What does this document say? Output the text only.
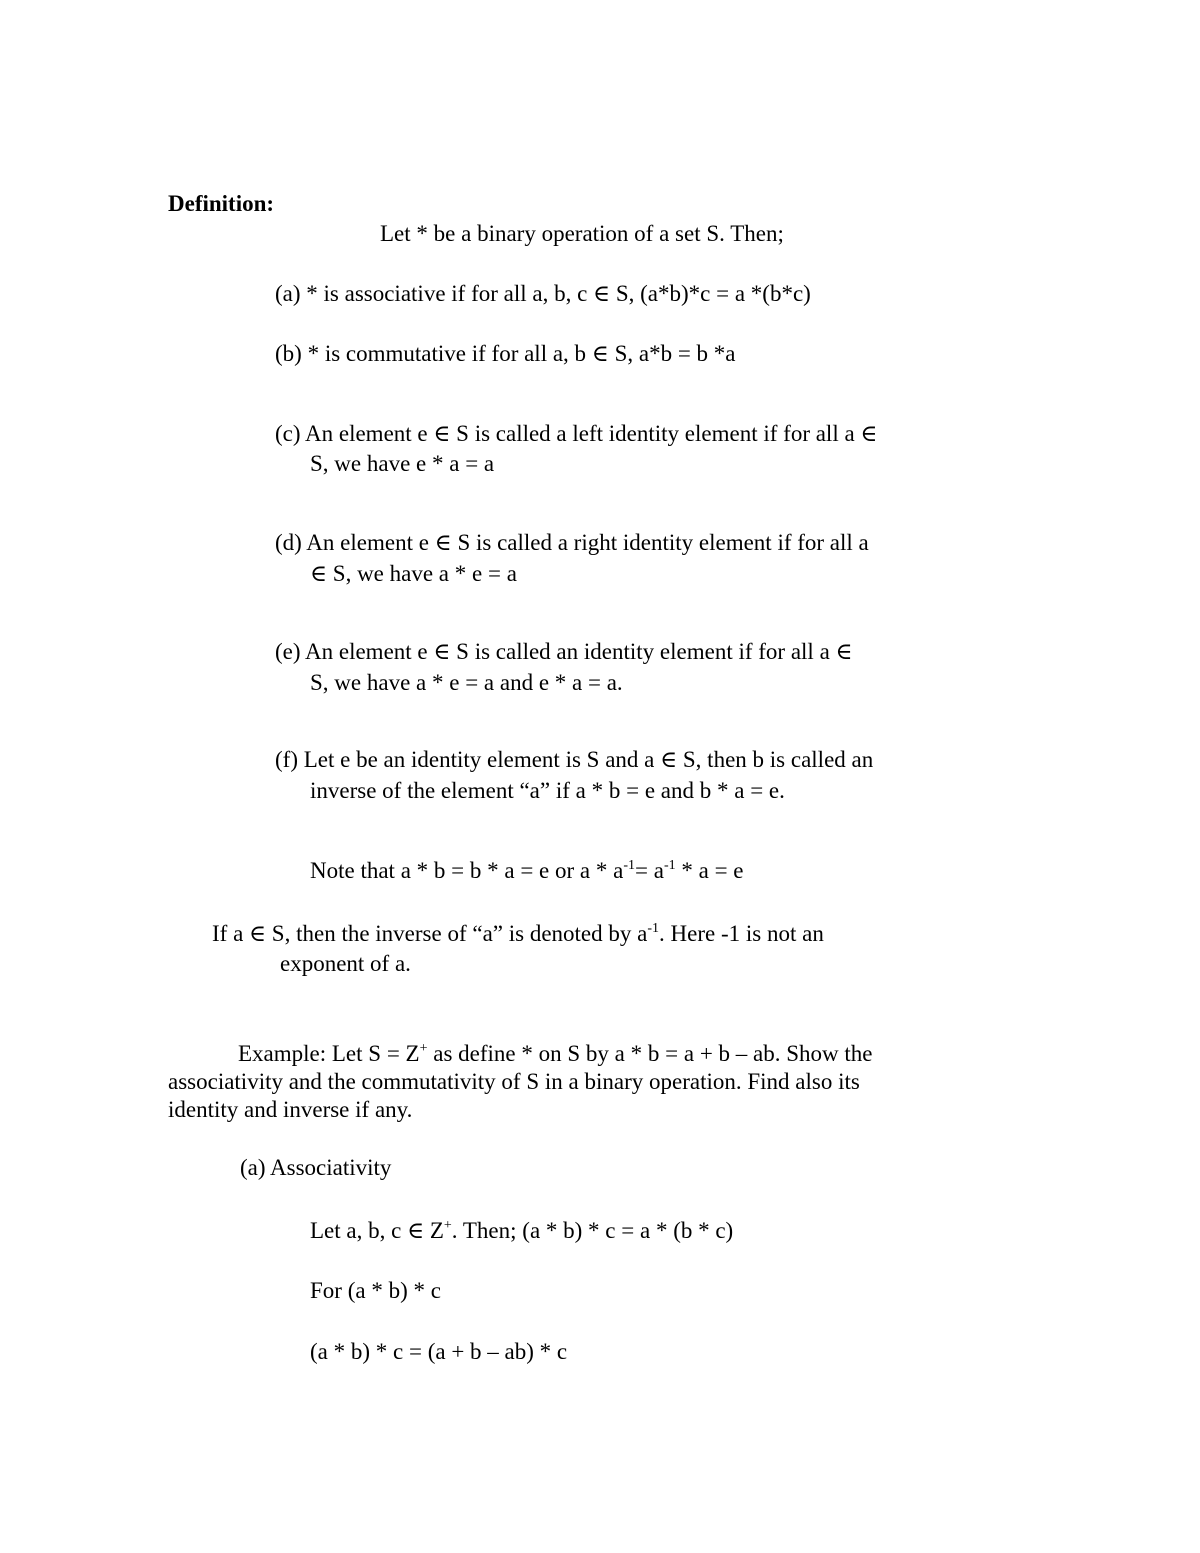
Definition:
Let * be a binary operation of a set S. Then;
(a) * is associative if for all a, b, c ∈ S, (a*b)*c = a *(b*c)
(b) * is commutative if for all a, b ∈ S, a*b = b *a
(c) An element e ∈ S is called a left identity element if for all a ∈
S, we have e * a = a
(d) An element e ∈ S is called a right identity element if for all a
∈ S, we have a * e = a
(e) An element e ∈ S is called an identity element if for all a ∈
S, we have a * e = a and e * a = a.
(f) Let e be an identity element is S and a ∈ S, then b is called an
inverse of the element “a” if a * b = e and b * a = e.
Note that a * b = b * a = e or $a * a^{-1}= a^{-1} * a = e$
If a ∈ S, then the inverse of “a” is denoted by $a^{-1}$. Here -1 is not an
exponent of a.
Example: Let S = Z+ as define * on S by a * b = a + b – ab. Show the
associativity and the commutativity of S in a binary operation. Find also its
identity and inverse if any.
(a) Associativity
Let a, b, c ∈ Z+. Then; (a * b) * c = a * (b * c)
For (a * b) * c
(a * b) * c = (a + b – ab) * c
